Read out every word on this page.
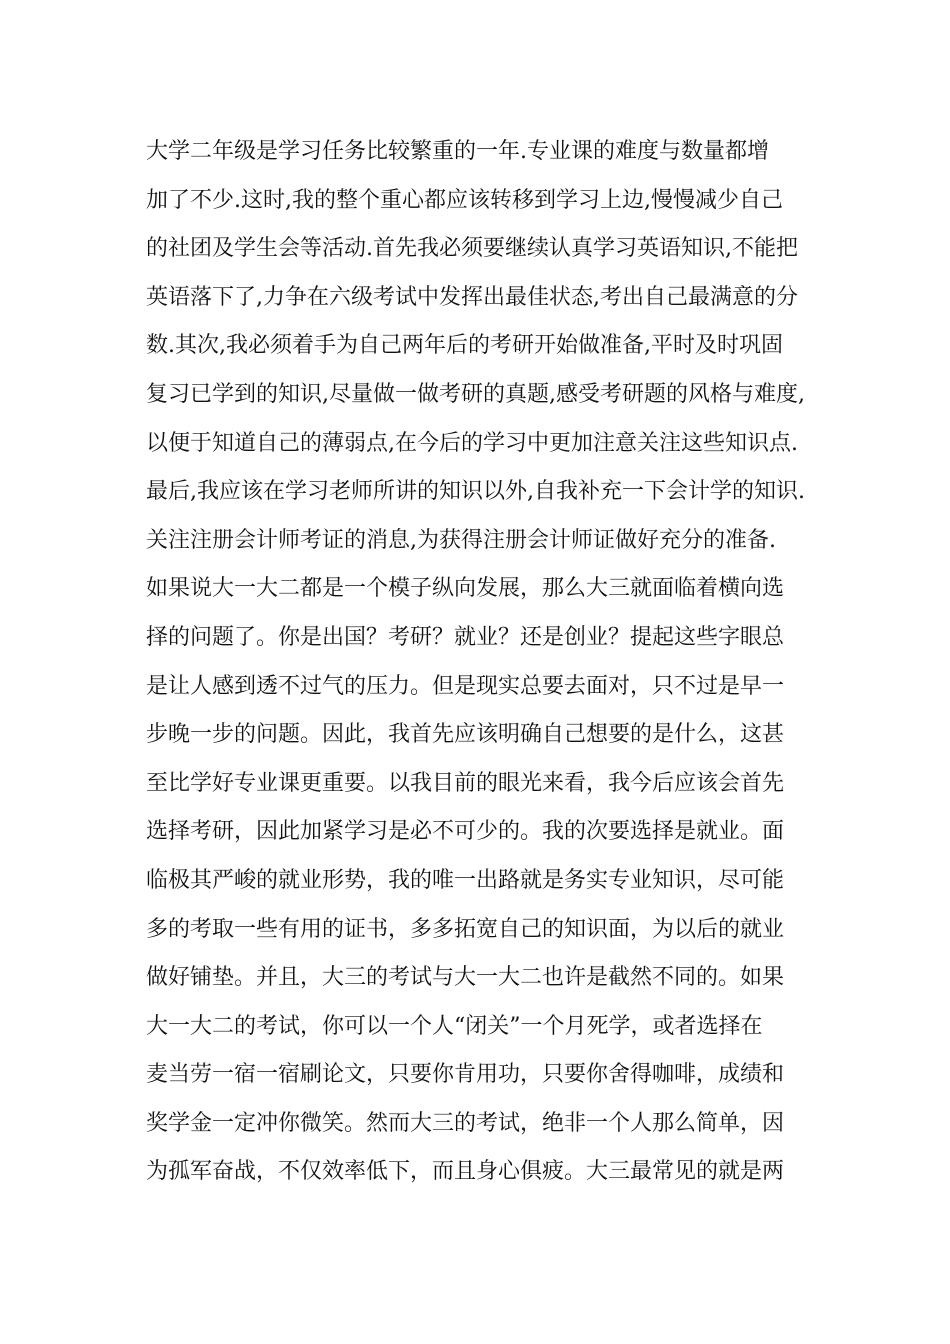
大学二年级是学习任务比较繁重的一年.专业课的难度与数量都增
加了不少.这时,我的整个重心都应该转移到学习上边,慢慢减少自己
的社团及学生会等活动.首先我必须要继续认真学习英语知识,不能把
英语落下了,力争在六级考试中发挥出最佳状态,考出自己最满意的分
数.其次,我必须着手为自己两年后的考研开始做准备,平时及时巩固
复习已学到的知识,尽量做一做考研的真题,感受考研题的风格与难度,
以便于知道自己的薄弱点,在今后的学习中更加注意关注这些知识点.
最后,我应该在学习老师所讲的知识以外,自我补充一下会计学的知识.
关注注册会计师考证的消息,为获得注册会计师证做好充分的准备.
如果说大一大二都是一个模子纵向发展，那么大三就面临着横向选
择的问题了。你是出国？考研？就业？还是创业？提起这些字眼总
是让人感到透不过气的压力。但是现实总要去面对，只不过是早一
步晚一步的问题。因此，我首先应该明确自己想要的是什么，这甚
至比学好专业课更重要。以我目前的眼光来看，我今后应该会首先
选择考研，因此加紧学习是必不可少的。我的次要选择是就业。面
临极其严峻的就业形势，我的唯一出路就是务实专业知识，尽可能
多的考取一些有用的证书，多多拓宽自己的知识面，为以后的就业
做好铺垫。并且，大三的考试与大一大二也许是截然不同的。如果
大一大二的考试，你可以一个人“闭关”一个月死学，或者选择在
麦当劳一宿一宿刷论文，只要你肯用功，只要你舍得咖啡，成绩和
奖学金一定冲你微笑。然而大三的考试，绝非一个人那么简单，因
为孤军奋战，不仅效率低下，而且身心俱疲。大三最常见的就是两
